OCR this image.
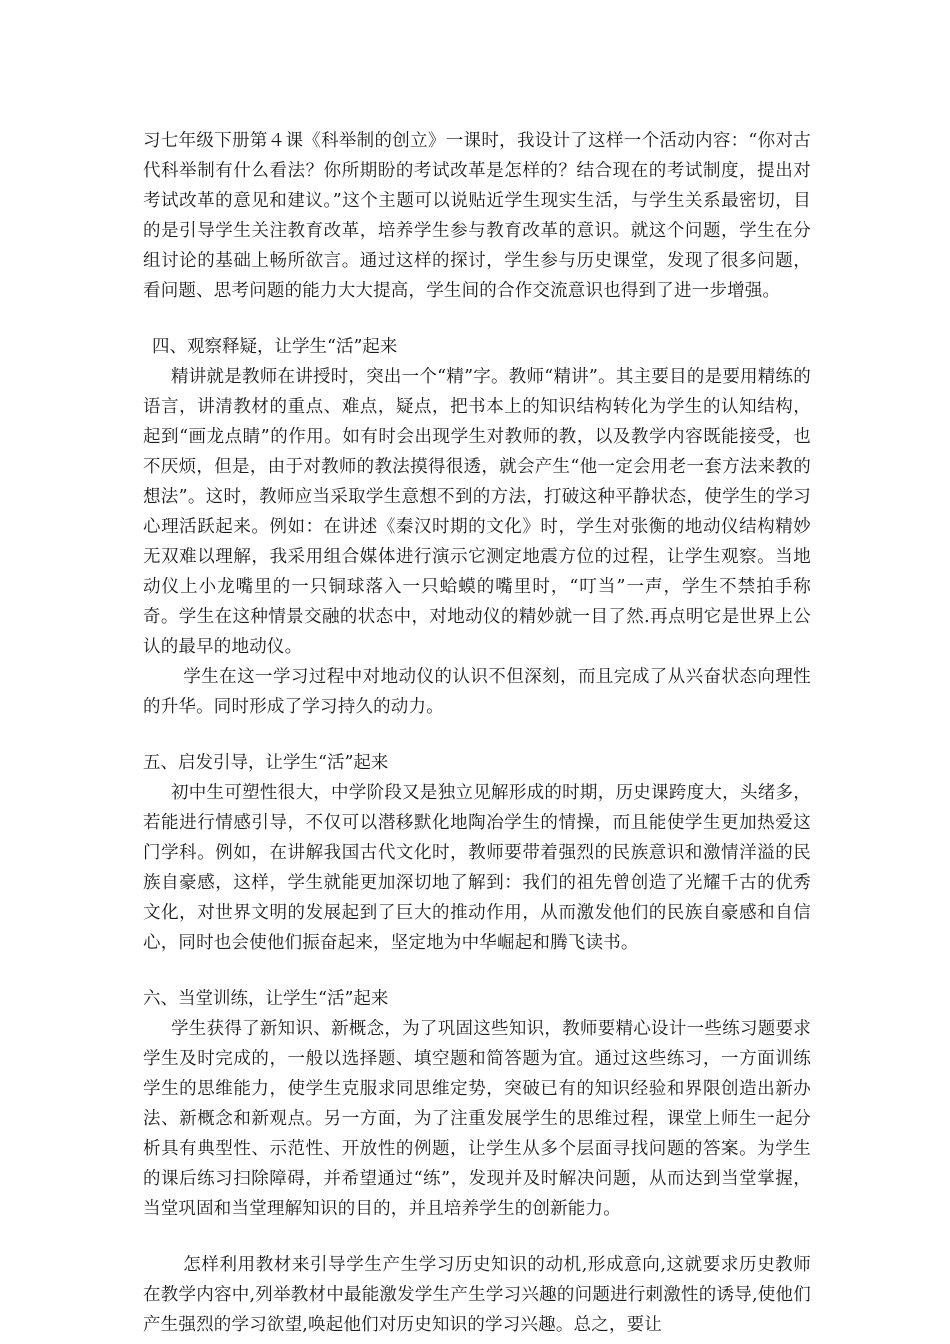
习七年级下册第４课《科举制的创立》一课时，我设计了这样一个活动内容：“你对古代科举制有什么看法？你所期盼的考试改革是怎样的？结合现在的考试制度，提出对考试改革的意见和建议。”这个主题可以说贴近学生现实生活，与学生关系最密切，目的是引导学生关注教育改革，培养学生参与教育改革的意识。就这个问题，学生在分组讨论的基础上畅所欲言。通过这样的探讨，学生参与历史课堂，发现了很多问题，看问题、思考问题的能力大大提高，学生间的合作交流意识也得到了进一步增强。

四、观察释疑，让学生“活”起来

精讲就是教师在讲授时，突出一个“精”字。教师“精讲”。其主要目的是要用精练的语言，讲清教材的重点、难点，疑点，把书本上的知识结构转化为学生的认知结构，起到“画龙点睛”的作用。如有时会出现学生对教师的教，以及教学内容既能接受，也不厌烦，但是，由于对教师的教法摸得很透，就会产生“他一定会用老一套方法来教的想法”。这时，教师应当采取学生意想不到的方法，打破这种平静状态，使学生的学习心理活跃起来。例如：在讲述《秦汉时期的文化》时，学生对张衡的地动仪结构精妙无双难以理解，我采用组合媒体进行演示它测定地震方位的过程，让学生观察。当地动仪上小龙嘴里的一只铜球落入一只蛤蟆的嘴里时，“叮当”一声，学生不禁拍手称奇。学生在这种情景交融的状态中，对地动仪的精妙就一目了然.再点明它是世界上公认的最早的地动仪。

学生在这一学习过程中对地动仪的认识不但深刻，而且完成了从兴奋状态向理性的升华。同时形成了学习持久的动力。

五、启发引导，让学生“活”起来

初中生可塑性很大，中学阶段又是独立见解形成的时期，历史课跨度大，头绪多，若能进行情感引导，不仅可以潜移默化地陶冶学生的情操，而且能使学生更加热爱这门学科。例如，在讲解我国古代文化时，教师要带着强烈的民族意识和激情洋溢的民族自豪感，这样，学生就能更加深切地了解到：我们的祖先曾创造了光耀千古的优秀文化，对世界文明的发展起到了巨大的推动作用，从而激发他们的民族自豪感和自信心，同时也会使他们振奋起来，坚定地为中华崛起和腾飞读书。

六、当堂训练，让学生“活”起来

学生获得了新知识、新概念，为了巩固这些知识，教师要精心设计一些练习题要求学生及时完成的，一般以选择题、填空题和简答题为宜。通过这些练习，一方面训练学生的思维能力，使学生克服求同思维定势，突破已有的知识经验和界限创造出新办法、新概念和新观点。另一方面，为了注重发展学生的思维过程，课堂上师生一起分析具有典型性、示范性、开放性的例题，让学生从多个层面寻找问题的答案。为学生的课后练习扫除障碍，并希望通过“练”，发现并及时解决问题，从而达到当堂掌握，当堂巩固和当堂理解知识的目的，并且培养学生的创新能力。

怎样利用教材来引导学生产生学习历史知识的动机,形成意向,这就要求历史教师在教学内容中,列举教材中最能激发学生产生学习兴趣的问题进行刺激性的诱导,使他们产生强烈的学习欲望,唤起他们对历史知识的学习兴趣。总之，要让
